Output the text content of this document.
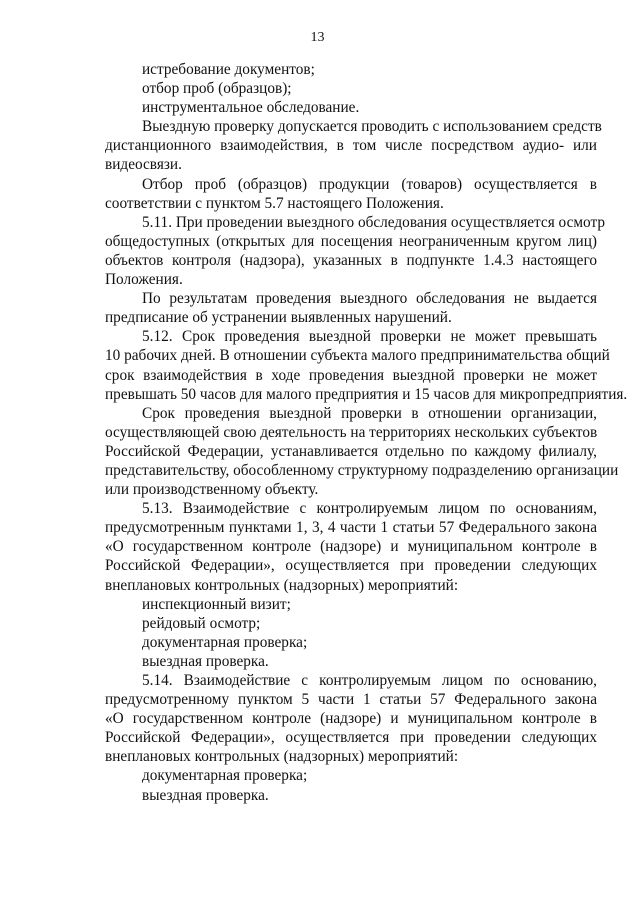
13
истребование документов;
отбор проб (образцов);
инструментальное обследование.
Выездную проверку допускается проводить с использованием средств
дистанционного взаимодействия, в том числе посредством аудио- или
видеосвязи.
Отбор проб (образцов) продукции (товаров) осуществляется в
соответствии с пунктом 5.7 настоящего Положения.
5.11. При проведении выездного обследования осуществляется осмотр
общедоступных (открытых для посещения неограниченным кругом лиц)
объектов контроля (надзора), указанных в подпункте 1.4.3 настоящего
Положения.
По результатам проведения выездного обследования не выдается
предписание об устранении выявленных нарушений.
5.12. Срок проведения выездной проверки не может превышать
10 рабочих дней. В отношении субъекта малого предпринимательства общий
срок взаимодействия в ходе проведения выездной проверки не может
превышать 50 часов для малого предприятия и 15 часов для микропредприятия.
Срок проведения выездной проверки в отношении организации,
осуществляющей свою деятельность на территориях нескольких субъектов
Российской Федерации, устанавливается отдельно по каждому филиалу,
представительству, обособленному структурному подразделению организации
или производственному объекту.
5.13. Взаимодействие с контролируемым лицом по основаниям,
предусмотренным пунктами 1, 3, 4 части 1 статьи 57 Федерального закона
«О государственном контроле (надзоре) и муниципальном контроле в
Российской Федерации», осуществляется при проведении следующих
внеплановых контрольных (надзорных) мероприятий:
инспекционный визит;
рейдовый осмотр;
документарная проверка;
выездная проверка.
5.14. Взаимодействие с контролируемым лицом по основанию,
предусмотренному пунктом 5 части 1 статьи 57 Федерального закона
«О государственном контроле (надзоре) и муниципальном контроле в
Российской Федерации», осуществляется при проведении следующих
внеплановых контрольных (надзорных) мероприятий:
документарная проверка;
выездная проверка.
